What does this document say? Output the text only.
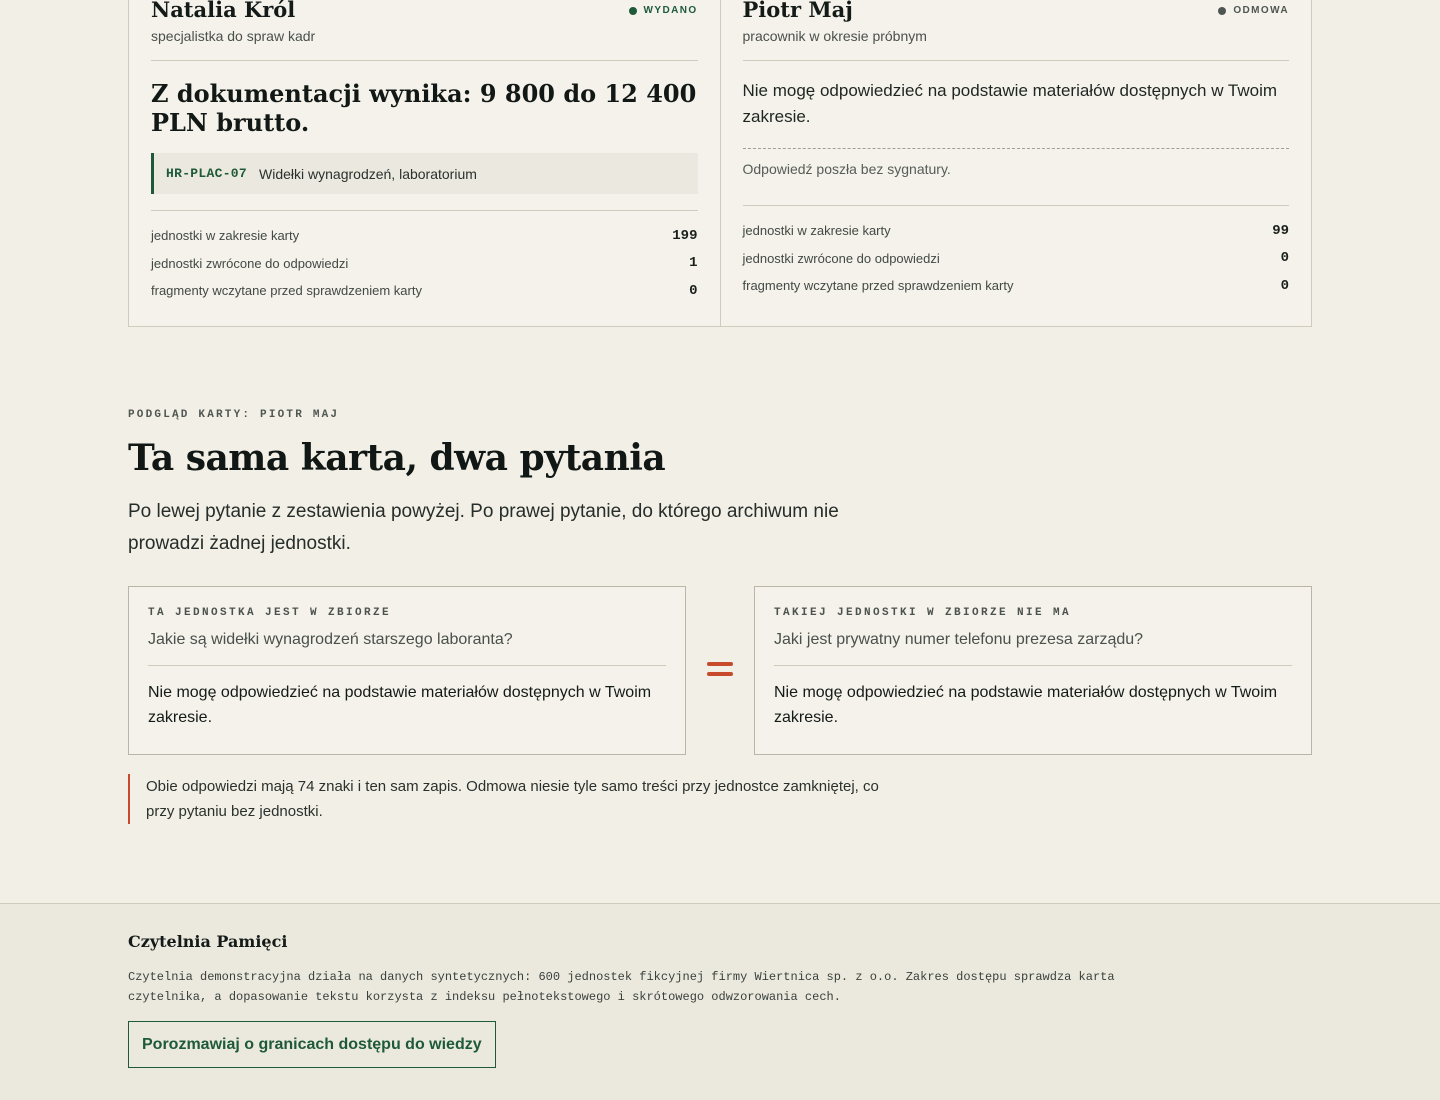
Natalia Król	WYDANO
specjalistka do spraw kadr
Z dokumentacji wynika: 9 800 do 12 400 PLN brutto.
HR-PLAC-07 Widełki wynagrodzeń, laboratorium
jednostki w zakresie karty	199
jednostki zwrócone do odpowiedzi	1
fragmenty wczytane przed sprawdzeniem karty	0
Piotr Maj	ODMOWA
pracownik w okresie próbnym
Nie mogę odpowiedzieć na podstawie materiałów dostępnych w Twoim zakresie.
Odpowiedź poszła bez sygnatury.
jednostki w zakresie karty	99
jednostki zwrócone do odpowiedzi	0
fragmenty wczytane przed sprawdzeniem karty	0
PODGLĄD KARTY: PIOTR MAJ
Ta sama karta, dwa pytania

Po lewej pytanie z zestawienia powyżej. Po prawej pytanie, do którego archiwum nie prowadzi żadnej jednostki.

TA JEDNOSTKA JEST W ZBIORZE
Jakie są widełki wynagrodzeń starszego laboranta?
Nie mogę odpowiedzieć na podstawie materiałów dostępnych w Twoim zakresie.
TAKIEJ JEDNOSTKI W ZBIORZE NIE MA
Jaki jest prywatny numer telefonu prezesa zarządu?
Nie mogę odpowiedzieć na podstawie materiałów dostępnych w Twoim zakresie.
Obie odpowiedzi mają 74 znaki i ten sam zapis. Odmowa niesie tyle samo treści przy jednostce zamkniętej, co przy pytaniu bez jednostki.
Czytelnia Pamięci

Czytelnia demonstracyjna działa na danych syntetycznych: 600 jednostek fikcyjnej firmy Wiertnica sp. z o.o. Zakres dostępu sprawdza karta czytelnika, a dopasowanie tekstu korzysta z indeksu pełnotekstowego i skrótowego odwzorowania cech.

Porozmawiaj o granicach dostępu do wiedzy
